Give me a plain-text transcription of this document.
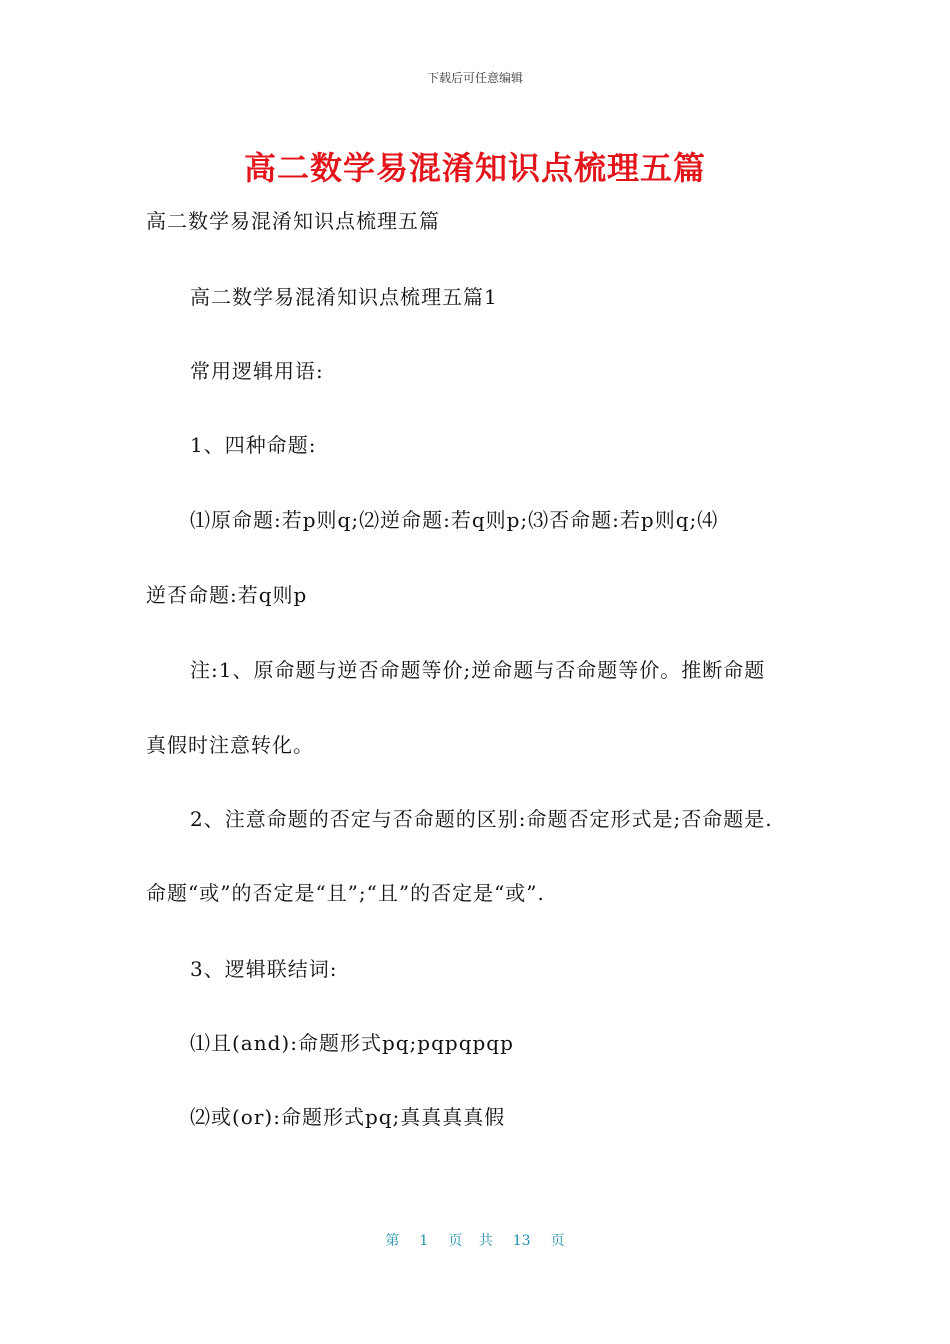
下载后可任意编辑
高二数学易混淆知识点梳理五篇
高二数学易混淆知识点梳理五篇
高二数学易混淆知识点梳理五篇1
常用逻辑用语:
1、四种命题:
⑴原命题:若p则q;⑵逆命题:若q则p;⑶否命题:若p则q;⑷
逆否命题:若q则p
注:1、原命题与逆否命题等价;逆命题与否命题等价。推断命题
真假时注意转化。
2、注意命题的否定与否命题的区别:命题否定形式是;否命题是.
命题“或”的否定是“且”;“且”的否定是“或”.
3、逻辑联结词:
⑴且(and):命题形式pq;pqpqpqp
⑵或(or):命题形式pq;真真真真假
第 1 页 共 13 页
